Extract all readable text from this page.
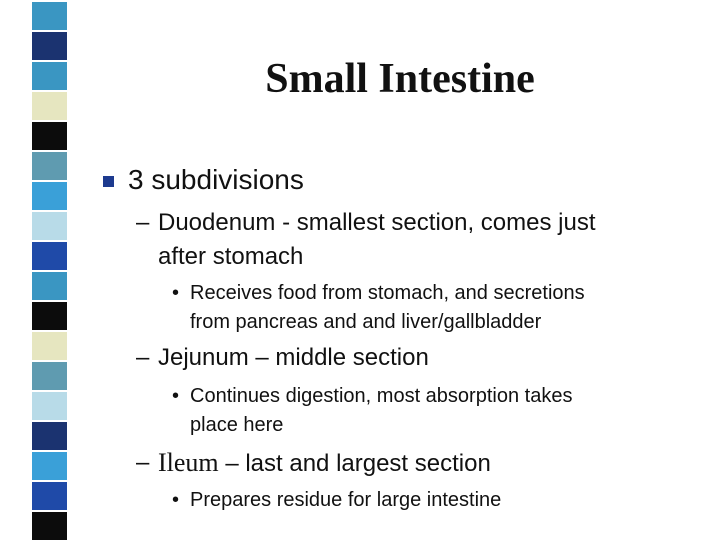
Small Intestine

3 subdivisions

– Duodenum - smallest section, comes just

after stomach

• Receives food from stomach, and secretions

from pancreas and and liver/gallbladder

– Jejunum – middle section

• Continues digestion, most absorption takes

place here

– Ileum – last and largest section

• Prepares residue for large intestine
